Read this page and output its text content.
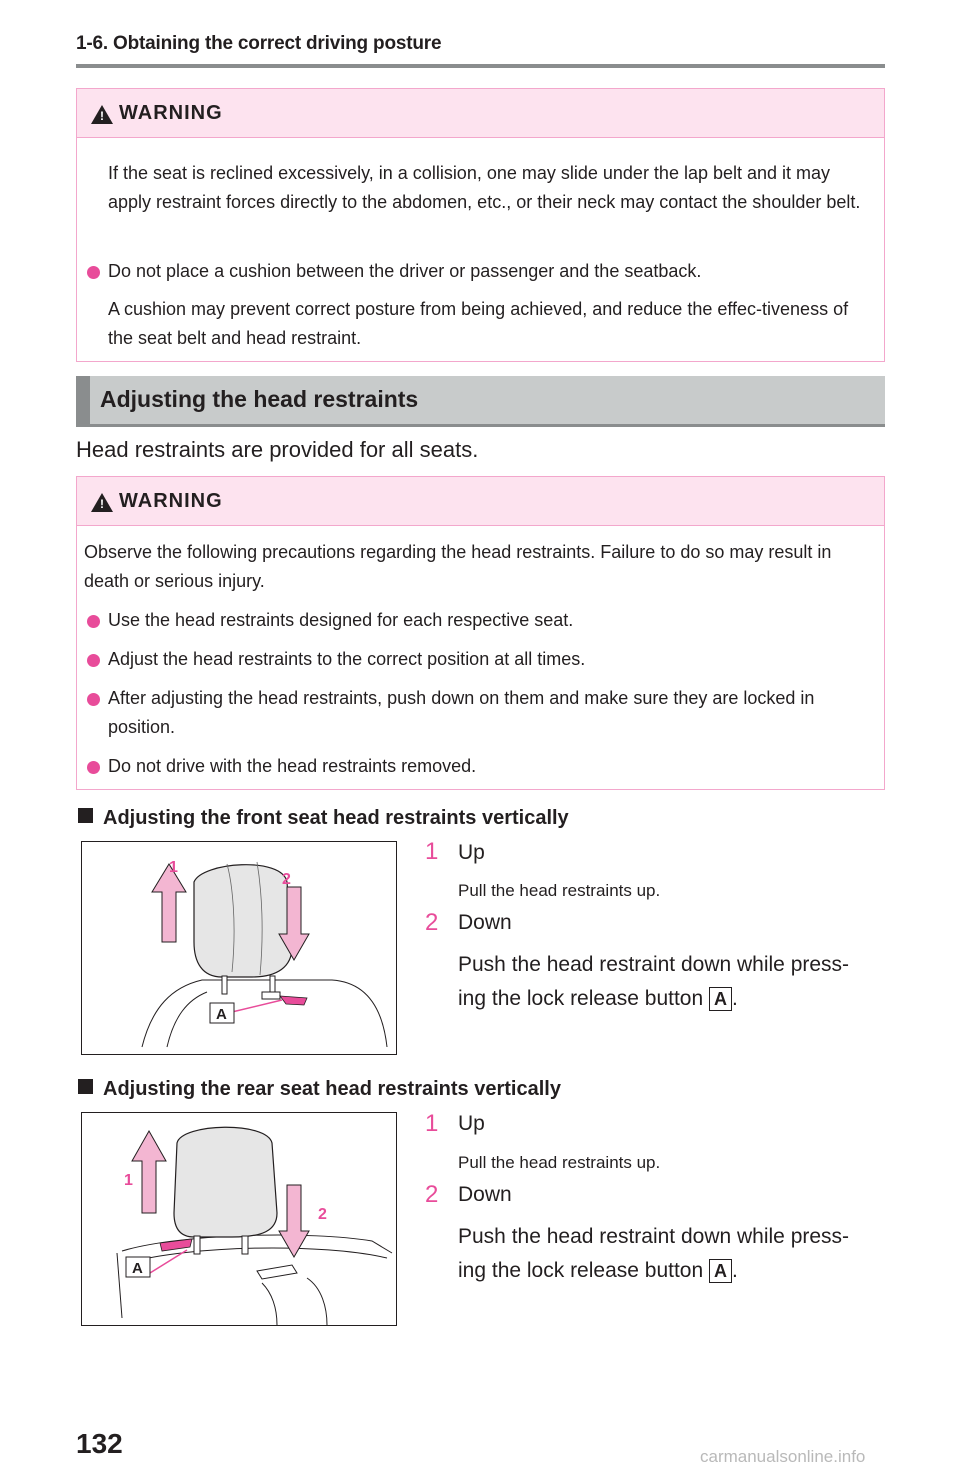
1-6. Obtaining the correct driving posture
!
WARNING
If the seat is reclined excessively, in a collision, one may slide under the lap belt and it may apply restraint forces directly to the abdomen, etc., or their neck may contact the shoulder belt.
Do not place a cushion between the driver or passenger and the seatback.
A cushion may prevent correct posture from being achieved, and reduce the effec-tiveness of the seat belt and head restraint.
Adjusting the head restraints
Head restraints are provided for all seats.
!
WARNING
Observe the following precautions regarding the head restraints. Failure to do so may result in death or serious injury.
Use the head restraints designed for each respective seat.
Adjust the head restraints to the correct position at all times.
After adjusting the head restraints, push down on them and make sure they are locked in position.
Do not drive with the head restraints removed.
Adjusting the front seat head restraints vertically
1
2
A
1 Up
Pull the head restraints up.
2 Down
Push the head restraint down while press-
ing the lock release button A .
Adjusting the rear seat head restraints vertically
1
2
A
1 Up
Pull the head restraints up.
2 Down
Push the head restraint down while press-
ing the lock release button A .
132	carmanualsonline.info
